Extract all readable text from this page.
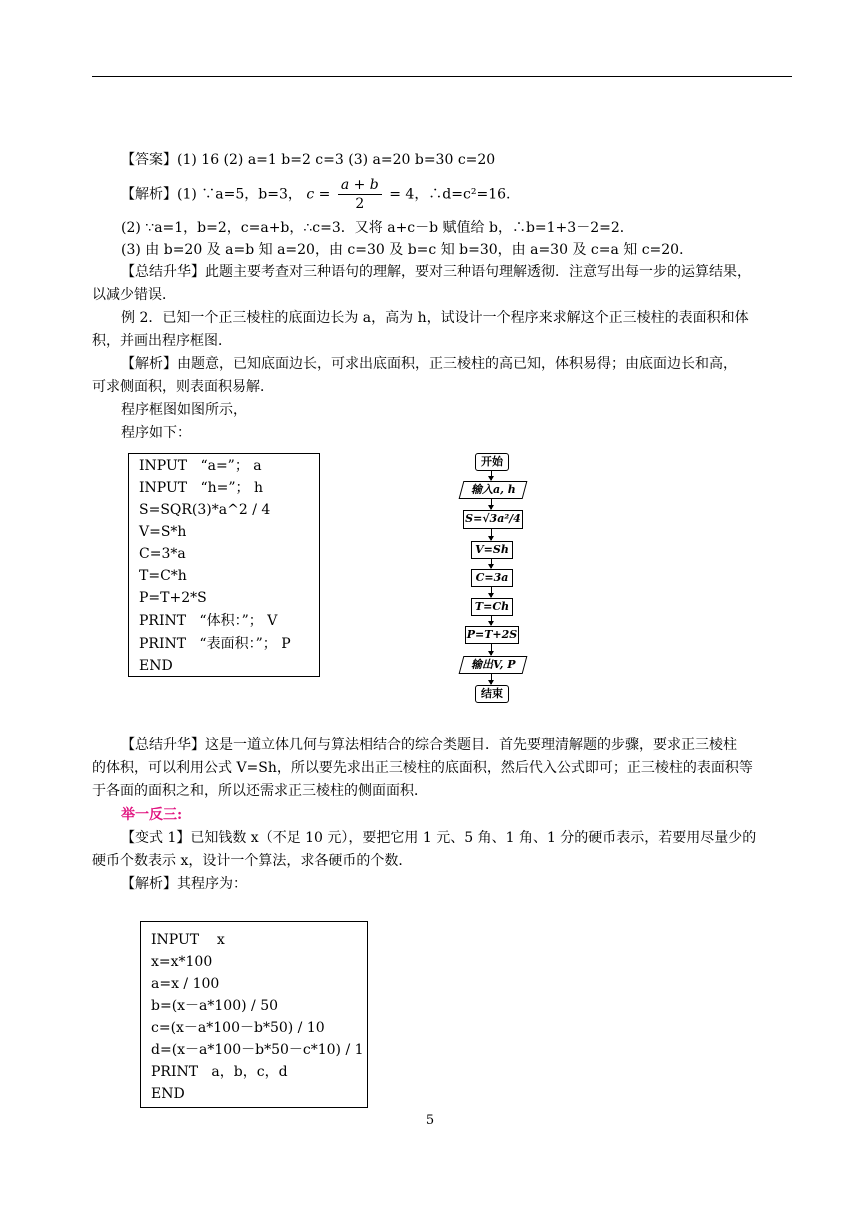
【答案】(1) 16 (2) a=1 b=2 c=3 (3) a=20 b=30 c=20
【解析】(1) ∵a=5，b=3， $c = \frac{a + b}{2} = 4$，∴d=c²=16.
(2) ∵a=1，b=2，c=a+b，∴c=3．又将 a+c－b 赋值给 b，∴b=1+3－2=2．
(3) 由 b=20 及 a=b 知 a=20，由 c=30 及 b=c 知 b=30，由 a=30 及 c=a 知 c=20．
【总结升华】此题主要考查对三种语句的理解，要对三种语句理解透彻．注意写出每一步的运算结果，
以减少错误．
例 2．已知一个正三棱柱的底面边长为 a，高为 h，试设计一个程序来求解这个正三棱柱的表面积和体
积，并画出程序框图．
【解析】由题意，已知底面边长，可求出底面积，正三棱柱的高已知，体积易得；由底面边长和高，
可求侧面积，则表面积易解．
程序框图如图所示，
程序如下：
INPUT   “a=”； a
INPUT   “h=”； h
S=SQR(3)*a^2 / 4
V=S*h
C=3*a
T=C*h
P=T+2*S
PRINT   “体积：”； V
PRINT   “表面积：”； P
END
开始
输入a, h
S=√3a²/4
V=Sh
C=3a
T=Ch
P=T+2S
输出V, P
结束
【总结升华】这是一道立体几何与算法相结合的综合类题目．首先要理清解题的步骤，要求正三棱柱
的体积，可以利用公式 V=Sh，所以要先求出正三棱柱的底面积，然后代入公式即可；正三棱柱的表面积等
于各面的面积之和，所以还需求正三棱柱的侧面面积．
举一反三:
【变式 1】已知钱数 x（不足 10 元），要把它用 1 元、5 角、1 角、1 分的硬币表示，若要用尽量少的
硬币个数表示 x，设计一个算法，求各硬币的个数．
【解析】其程序为：
INPUT    x
x=x*100
a=x / 100
b=(x－a*100) / 50
c=(x－a*100－b*50) / 10
d=(x－a*100－b*50－c*10) / 1
PRINT   a，b，c，d
END
5
